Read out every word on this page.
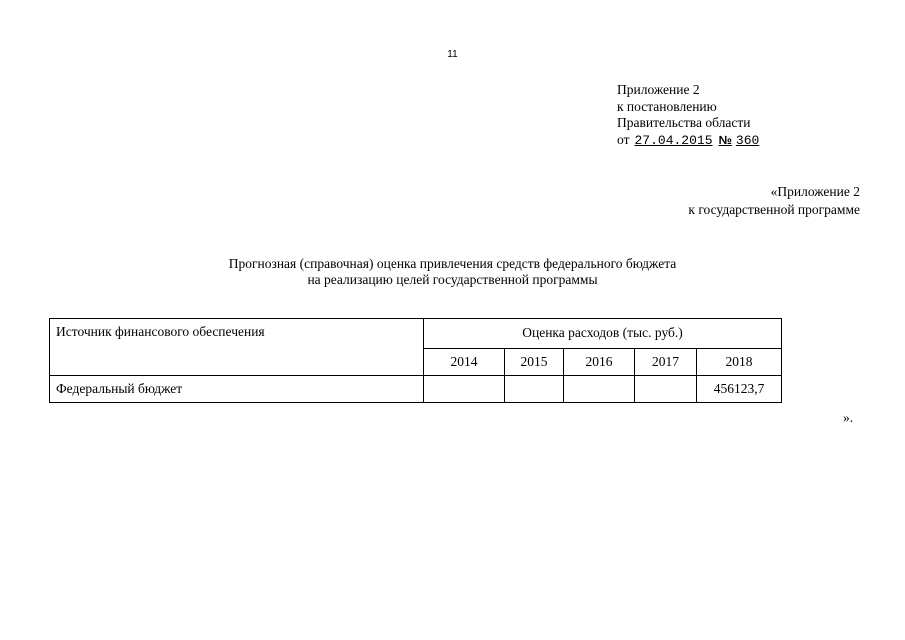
11
Приложение 2
к постановлению
Правительства области
от 27.04.2015 № 360
«Приложение 2
к государственной программе
Прогнозная (справочная) оценка привлечения средств федерального бюджета
на реализацию целей государственной программы
Источник финансового обеспечения	Оценка расходов (тыс. руб.)				
	2014	2015	2016	2017	2018
Федеральный бюджет					456123,7
».
